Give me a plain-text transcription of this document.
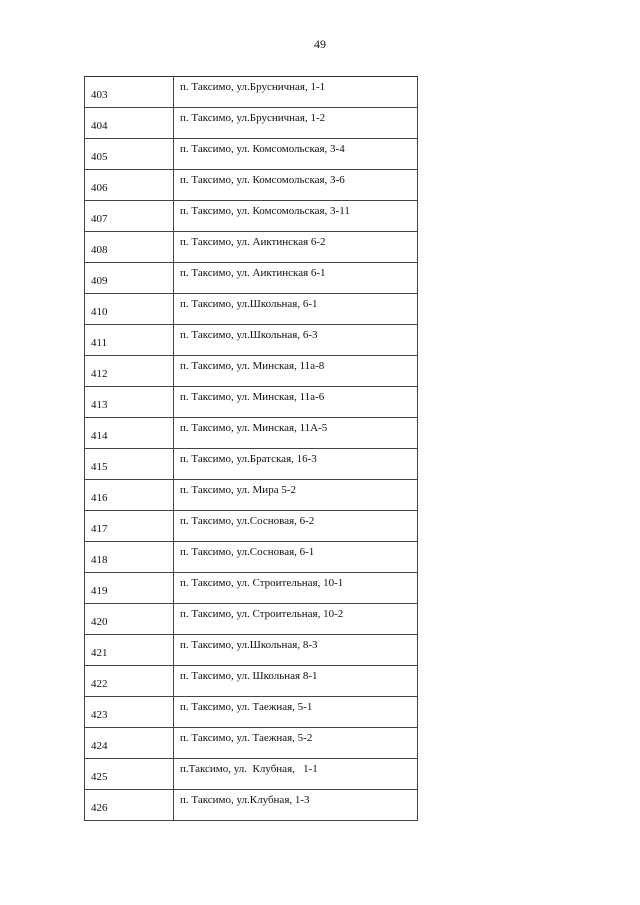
49
403	п. Таксимо, ул.Брусничная, 1-1

404	п. Таксимо, ул.Брусничная, 1-2

405	п. Таксимо, ул. Комсомольская, 3-4

406	п. Таксимо, ул. Комсомольская, 3-6

407	п. Таксимо, ул. Комсомольская, 3-11

408	п. Таксимо, ул. Аиктинская 6-2

409	п. Таксимо, ул. Аиктинская 6-1

410	п. Таксимо, ул.Школьная, 6-1

411	п. Таксимо, ул.Школьная, 6-3

412	п. Таксимо, ул. Минская, 11а-8

413	п. Таксимо, ул. Минская, 11а-6

414	п. Таксимо, ул. Минская, 11А-5

415	п. Таксимо, ул.Братская, 16-3

416	п. Таксимо, ул. Мира 5-2

417	п. Таксимо, ул.Сосновая, 6-2

418	п. Таксимо, ул.Сосновая, 6-1

419	п. Таксимо, ул. Строительная, 10-1

420	п. Таксимо, ул. Строительная, 10-2

421	п. Таксимо, ул.Школьная, 8-3

422	п. Таксимо, ул. Школьная 8-1

423	п. Таксимо, ул. Таежная, 5-1

424	п. Таксимо, ул. Таежная, 5-2

425	п.Таксимо, ул.  Клубная,   1-1

426	п. Таксимо, ул.Клубная, 1-3
